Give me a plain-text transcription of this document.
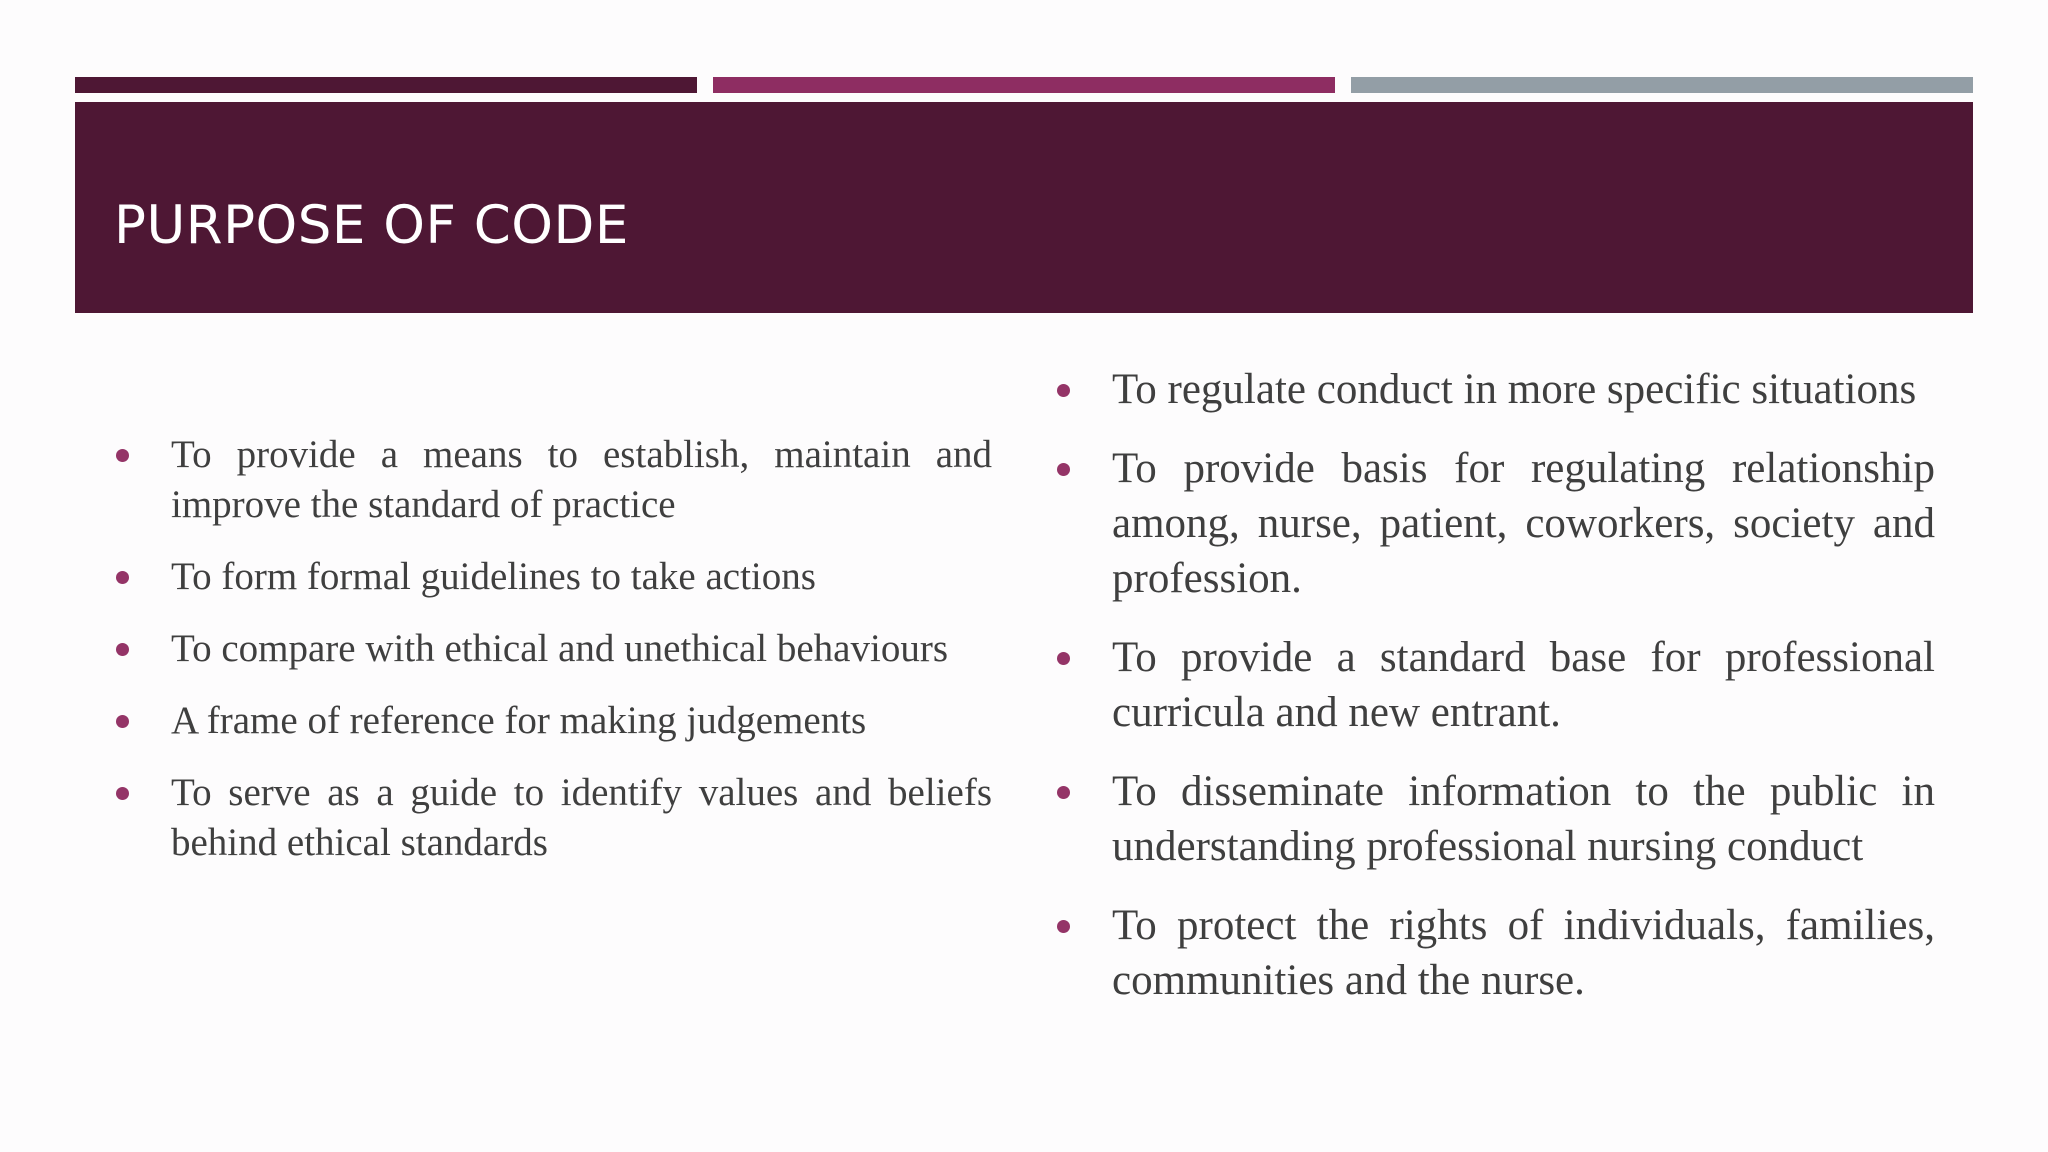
PURPOSE OF CODE
To provide a means to establish, maintain and improve the standard of practice
To form formal guidelines to take actions
To compare with ethical and unethical behaviours
A frame of reference for making judgements
To serve as a guide to identify values and beliefs behind ethical standards
To regulate conduct in more specific situations
To provide basis for regulating relationship among, nurse, patient, coworkers, society and profession.
To provide a standard base for professional curricula and new entrant.
To disseminate information to the public in understanding professional nursing conduct
To protect the rights of individuals, families, communities and the nurse.
